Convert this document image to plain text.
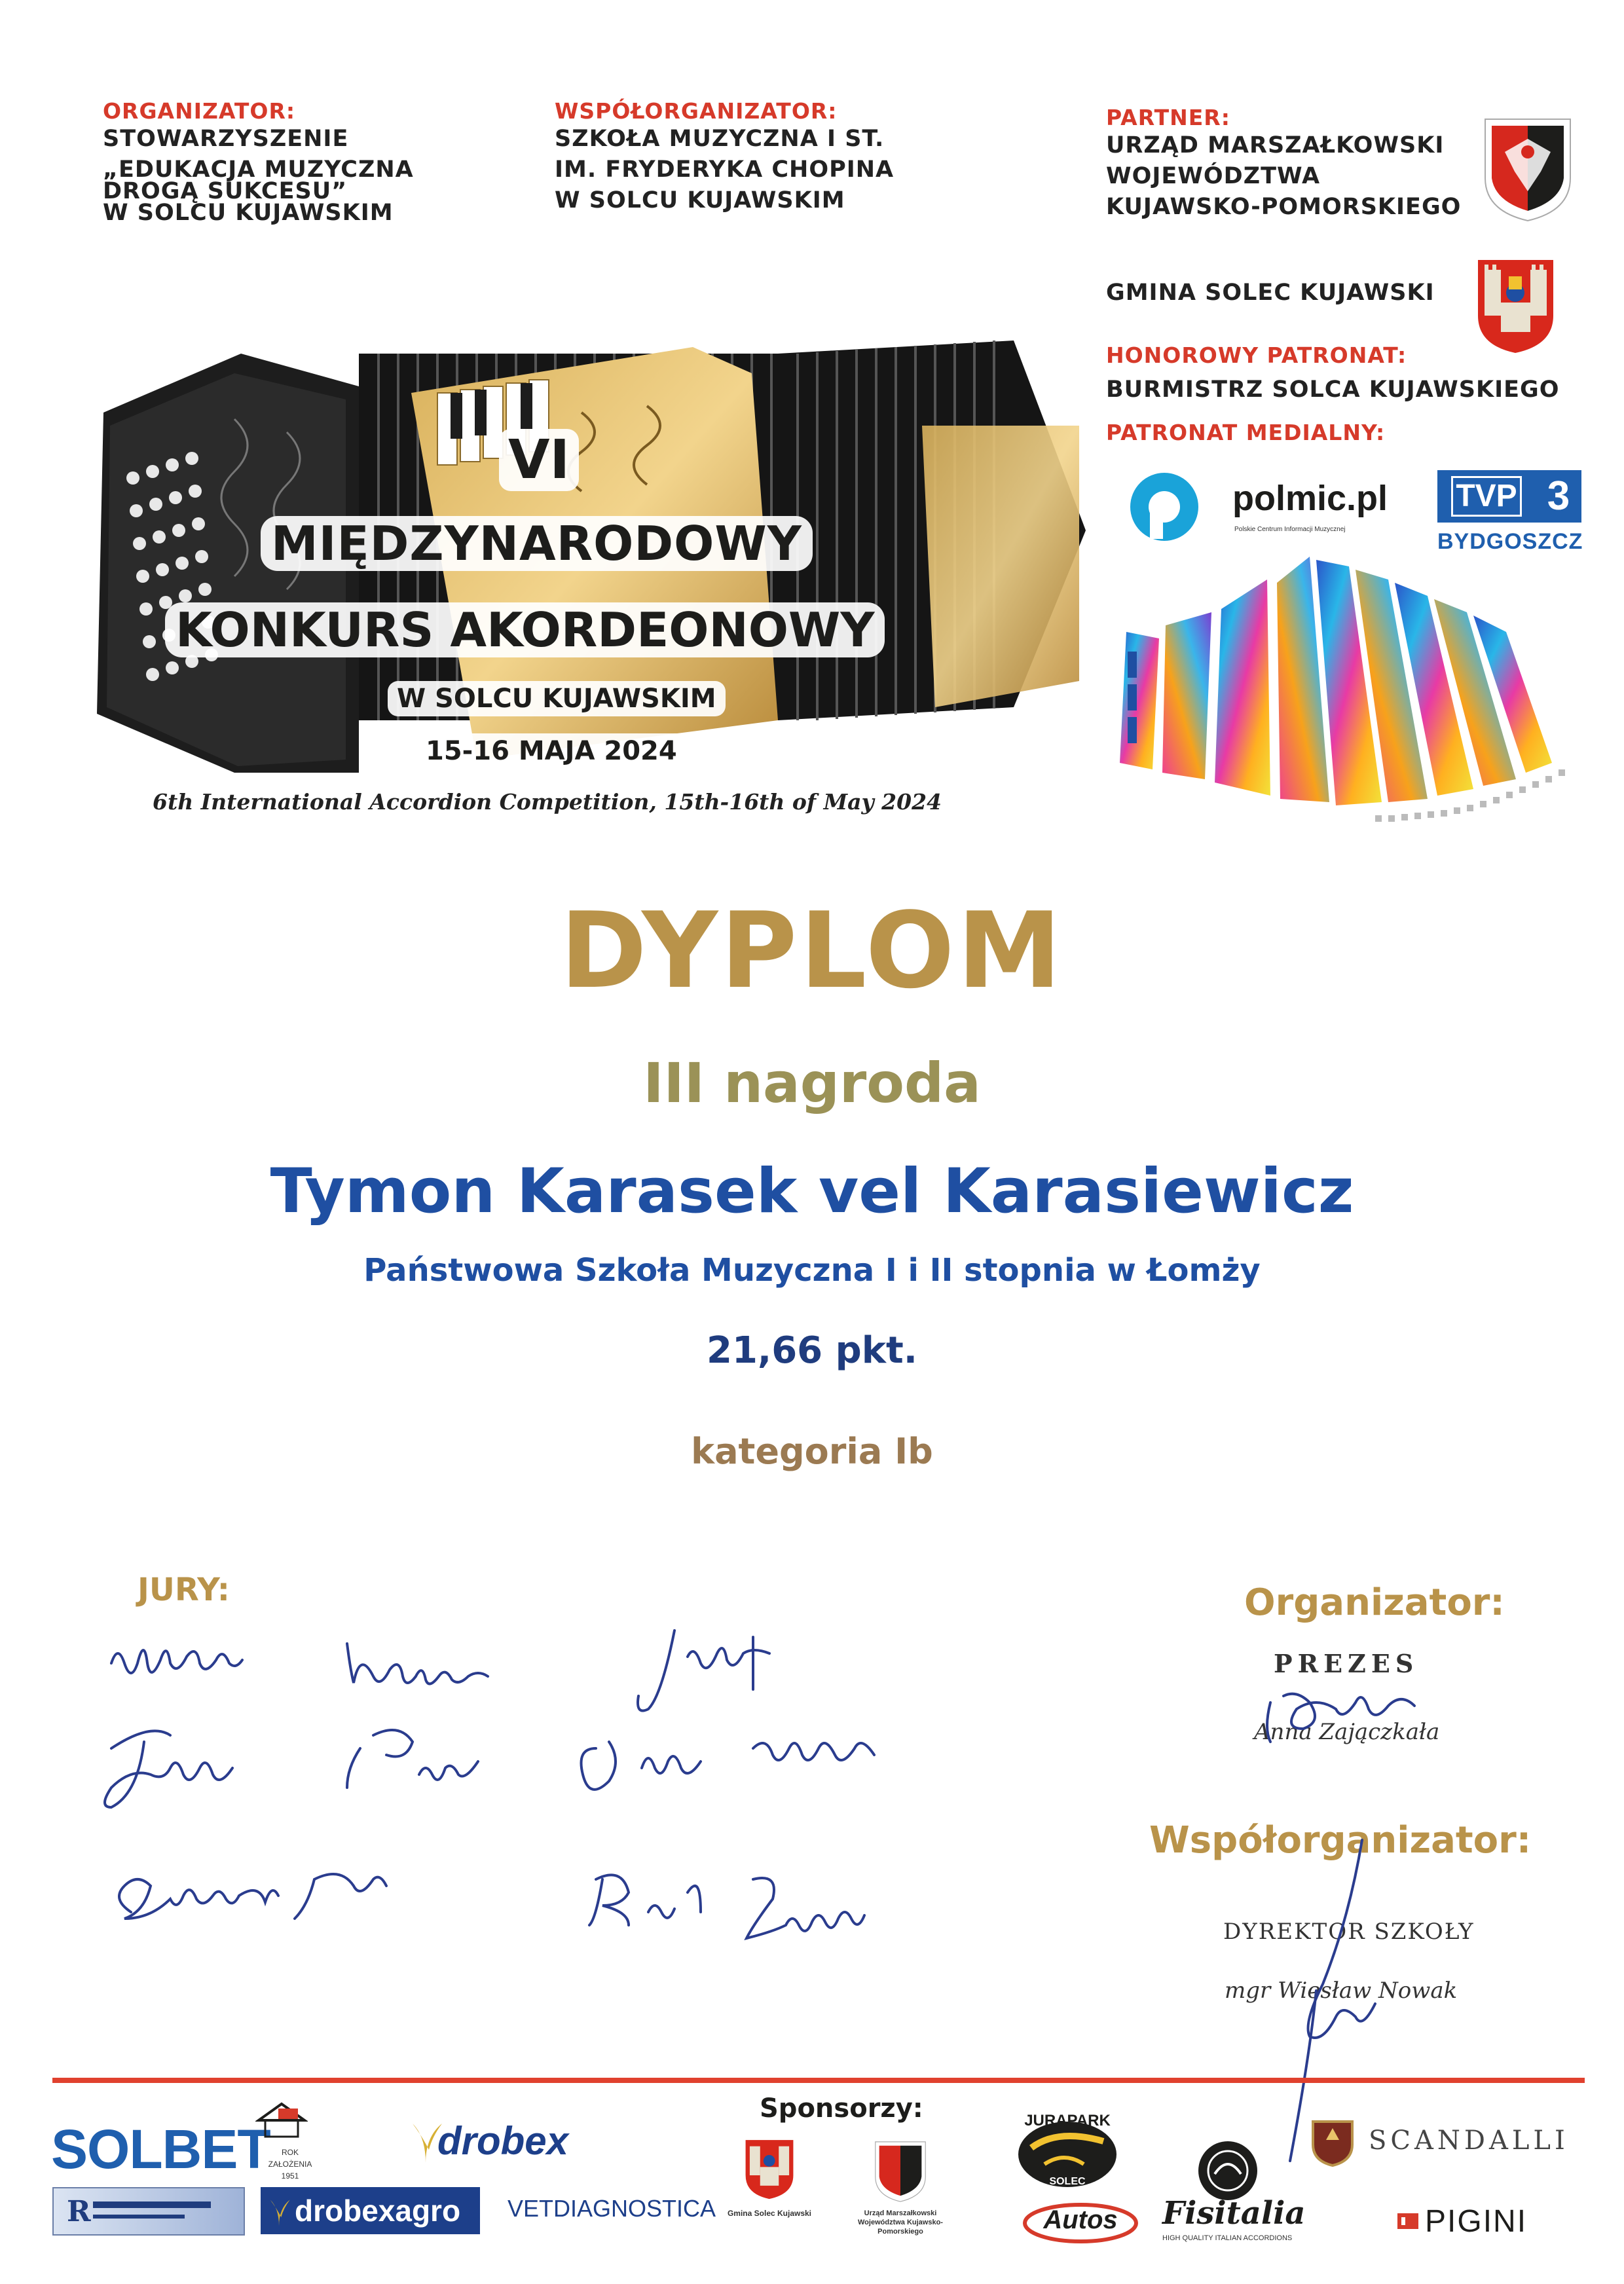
ORGANIZATOR:
STOWARZYSZENIE
„EDUKACJA MUZYCZNA
DROGĄ SUKCESU”
W SOLCU KUJAWSKIM
WSPÓŁORGANIZATOR:
SZKOŁA MUZYCZNA I ST.
IM. FRYDERYKA CHOPINA
W SOLCU KUJAWSKIM
PARTNER:
URZĄD MARSZAŁKOWSKI
WOJEWÓDZTWA
KUJAWSKO-POMORSKIEGO
GMINA SOLEC KUJAWSKI
HONOROWY PATRONAT:
BURMISTRZ SOLCA KUJAWSKIEGO
PATRONAT MEDIALNY:
polmic.pl
Polskie Centrum Informacji Muzycznej
TVP 3
BYDGOSZCZ
VI
MIĘDZYNARODOWY
KONKURS AKORDEONOWY
W SOLCU KUJAWSKIM
15-16 MAJA 2024
6th International Accordion Competition, 15th-16th of May 2024
DYPLOM
III nagroda
Tymon Karasek vel Karasiewicz
Państwowa Szkoła Muzyczna I i II stopnia w Łomży
21,66 pkt.
kategoria Ib
JURY:	Organizator:
PREZES
Anna Zajączkała
Współorganizator:
DYREKTOR SZKOŁY
mgr Wiesław Nowak
Sponsorzy:
SOLBET	ROK ZAŁOŻENIA 1951
drobex
Gmina Solec Kujawski	Urząd Marszałkowski Województwa Kujawsko-Pomorskiego
JURAPARK
SOLEC
SCANDALLI
R	drobexagro VETDIAGNOSTICA	Autos	Fisitalia
HIGH QUALITY ITALIAN ACCORDIONS	PIGINI
